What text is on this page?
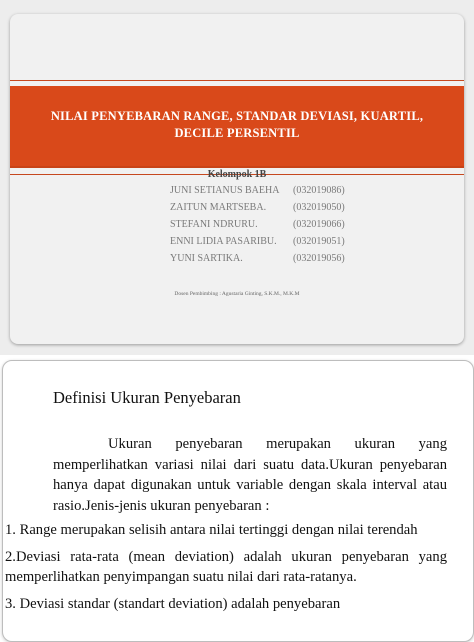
NILAI PENYEBARAN RANGE, STANDAR DEVIASI, KUARTIL,
DECILE PERSENTIL
Kelompok 1B
JUNI SETIANUS BAEHA	(032019086)
ZAITUN MARTSEBA.	(032019050)
STEFANI NDRURU.	(032019066)
ENNI LIDIA PASARIBU.	(032019051)
YUNI SARTIKA.	(032019056)
Dosen Pembimbing : Agustaria Ginting, S.K.M., M.K.M
Definisi Ukuran Penyebaran

Ukuran penyebaran merupakan ukuran yang memperlihatkan variasi nilai dari suatu data.Ukuran penyebaran hanya dapat digunakan untuk variable dengan skala interval atau rasio.Jenis-jenis ukuran penyebaran :

1. Range merupakan selisih antara nilai tertinggi dengan nilai terendah

2.Deviasi rata-rata (mean deviation) adalah ukuran penyebaran yang memperlihatkan penyimpangan suatu nilai dari rata-ratanya.

3. Deviasi standar (standart deviation) adalah penyebaran
